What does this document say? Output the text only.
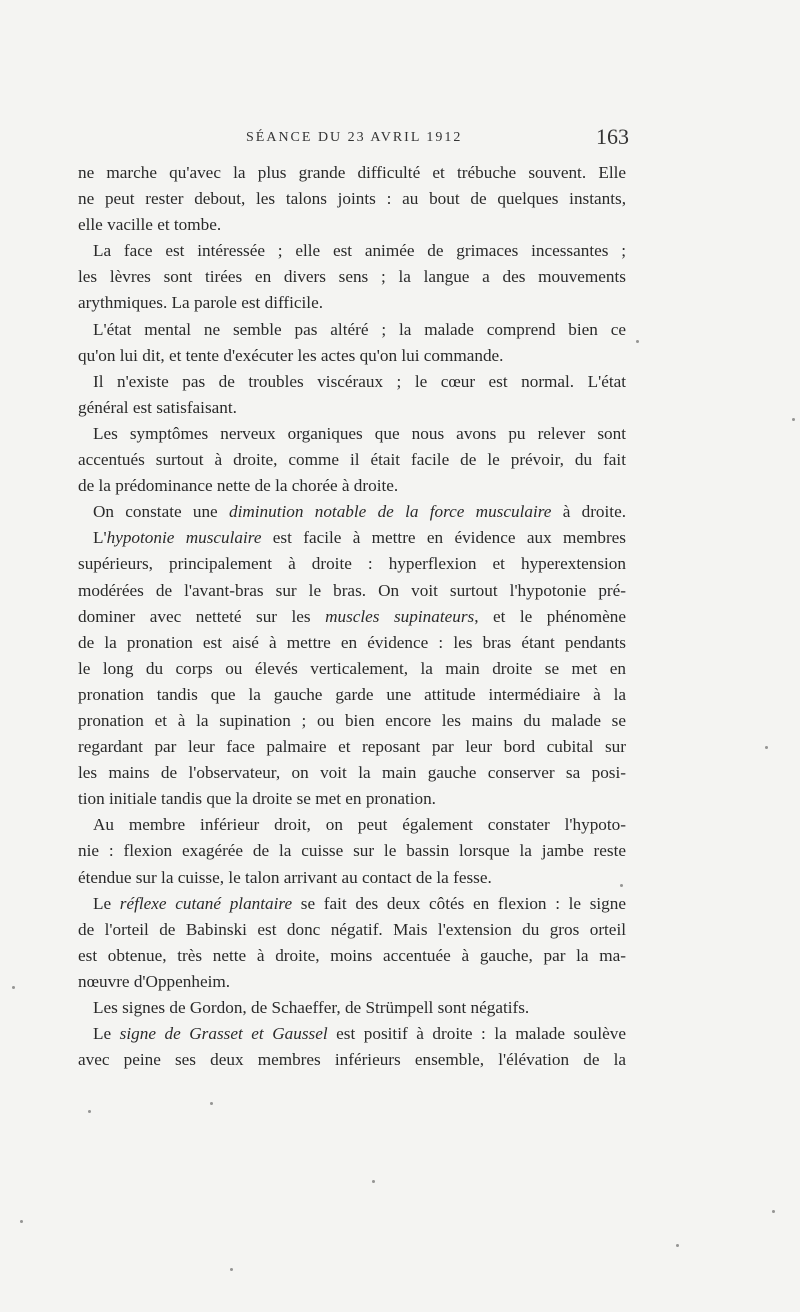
SÉANCE DU 23 AVRIL 1912	163
ne marche qu'avec la plus grande difficulté et trébuche souvent. Elle
ne peut rester debout, les talons joints : au bout de quelques instants,
elle vacille et tombe.
La face est intéressée ; elle est animée de grimaces incessantes ;
les lèvres sont tirées en divers sens ; la langue a des mouvements
arythmiques. La parole est difficile.
L'état mental ne semble pas altéré ; la malade comprend bien ce
qu'on lui dit, et tente d'exécuter les actes qu'on lui commande.
Il n'existe pas de troubles viscéraux ; le cœur est normal. L'état
général est satisfaisant.
Les symptômes nerveux organiques que nous avons pu relever sont
accentués surtout à droite, comme il était facile de le prévoir, du fait
de la prédominance nette de la chorée à droite.
On constate une diminution notable de la force musculaire à droite.
L'hypotonie musculaire est facile à mettre en évidence aux membres
supérieurs, principalement à droite : hyperflexion et hyperextension
modérées de l'avant-bras sur le bras. On voit surtout l'hypotonie pré-
dominer avec netteté sur les muscles supinateurs, et le phénomène
de la pronation est aisé à mettre en évidence : les bras étant pendants
le long du corps ou élevés verticalement, la main droite se met en
pronation tandis que la gauche garde une attitude intermédiaire à la
pronation et à la supination ; ou bien encore les mains du malade se
regardant par leur face palmaire et reposant par leur bord cubital sur
les mains de l'observateur, on voit la main gauche conserver sa posi-
tion initiale tandis que la droite se met en pronation.
Au membre inférieur droit, on peut également constater l'hypoto-
nie : flexion exagérée de la cuisse sur le bassin lorsque la jambe reste
étendue sur la cuisse, le talon arrivant au contact de la fesse.
Le réflexe cutané plantaire se fait des deux côtés en flexion : le signe
de l'orteil de Babinski est donc négatif. Mais l'extension du gros orteil
est obtenue, très nette à droite, moins accentuée à gauche, par la ma-
nœuvre d'Oppenheim.
Les signes de Gordon, de Schaeffer, de Strümpell sont négatifs.
Le signe de Grasset et Gaussel est positif à droite : la malade soulève
avec peine ses deux membres inférieurs ensemble, l'élévation de la
